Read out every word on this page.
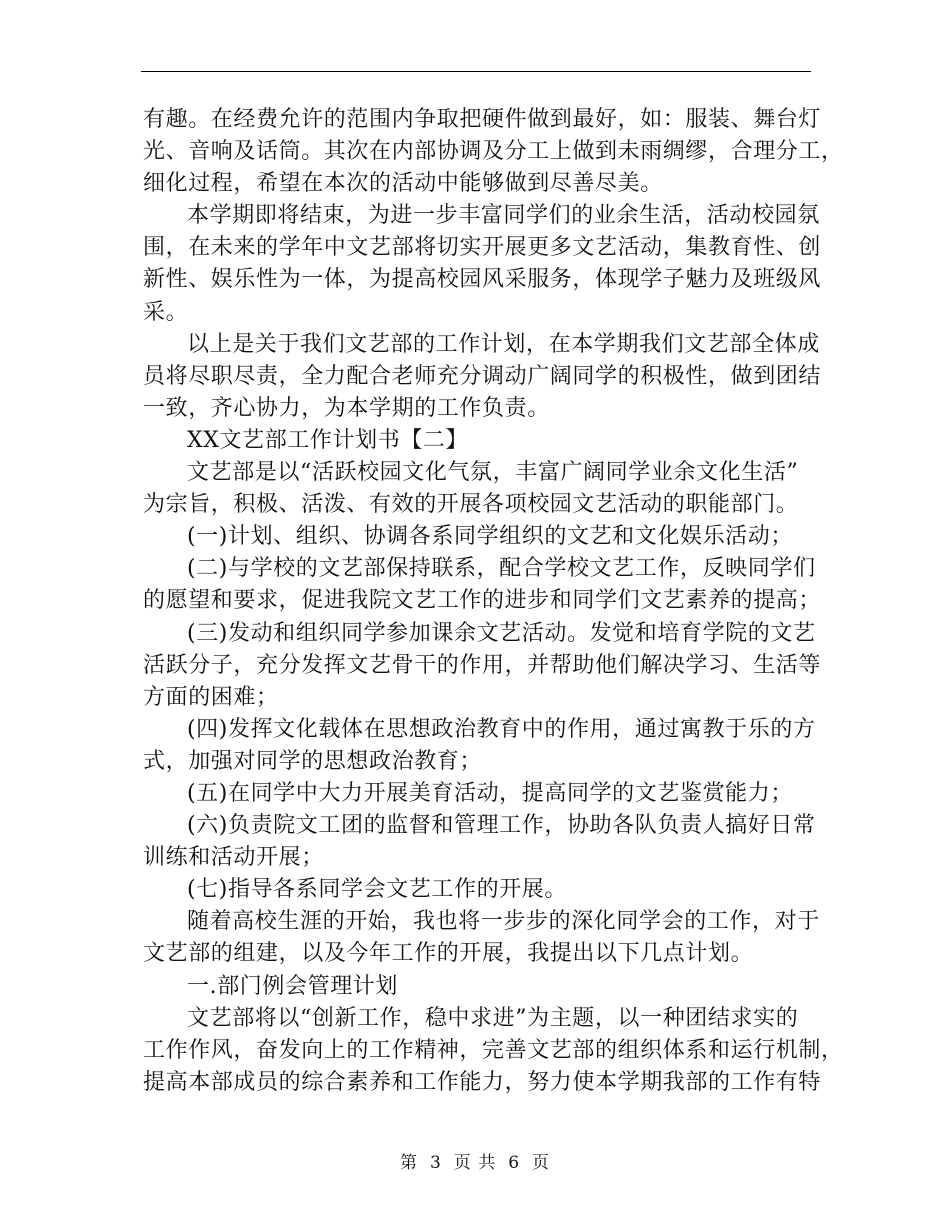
有趣。在经费允许的范围内争取把硬件做到最好，如：服装、舞台灯
光、音响及话筒。其次在内部协调及分工上做到未雨绸缪，合理分工，
细化过程，希望在本次的活动中能够做到尽善尽美。
本学期即将结束，为进一步丰富同学们的业余生活，活动校园氛
围，在未来的学年中文艺部将切实开展更多文艺活动，集教育性、创
新性、娱乐性为一体，为提高校园风采服务，体现学子魅力及班级风
采。
以上是关于我们文艺部的工作计划，在本学期我们文艺部全体成
员将尽职尽责，全力配合老师充分调动广阔同学的积极性，做到团结
一致，齐心协力，为本学期的工作负责。
XX文艺部工作计划书【二】
文艺部是以“活跃校园文化气氛，丰富广阔同学业余文化生活”
为宗旨，积极、活泼、有效的开展各项校园文艺活动的职能部门。
(一)计划、组织、协调各系同学组织的文艺和文化娱乐活动；
(二)与学校的文艺部保持联系，配合学校文艺工作，反映同学们
的愿望和要求，促进我院文艺工作的进步和同学们文艺素养的提高；
(三)发动和组织同学参加课余文艺活动。发觉和培育学院的文艺
活跃分子，充分发挥文艺骨干的作用，并帮助他们解决学习、生活等
方面的困难；
(四)发挥文化载体在思想政治教育中的作用，通过寓教于乐的方
式，加强对同学的思想政治教育；
(五)在同学中大力开展美育活动，提高同学的文艺鉴赏能力；
(六)负责院文工团的监督和管理工作，协助各队负责人搞好日常
训练和活动开展；
(七)指导各系同学会文艺工作的开展。
随着高校生涯的开始，我也将一步步的深化同学会的工作，对于
文艺部的组建，以及今年工作的开展，我提出以下几点计划。
一.部门例会管理计划
文艺部将以“创新工作，稳中求进”为主题，以一种团结求实的
工作作风，奋发向上的工作精神，完善文艺部的组织体系和运行机制，
提高本部成员的综合素养和工作能力，努力使本学期我部的工作有特
第 3 页 共 6 页
